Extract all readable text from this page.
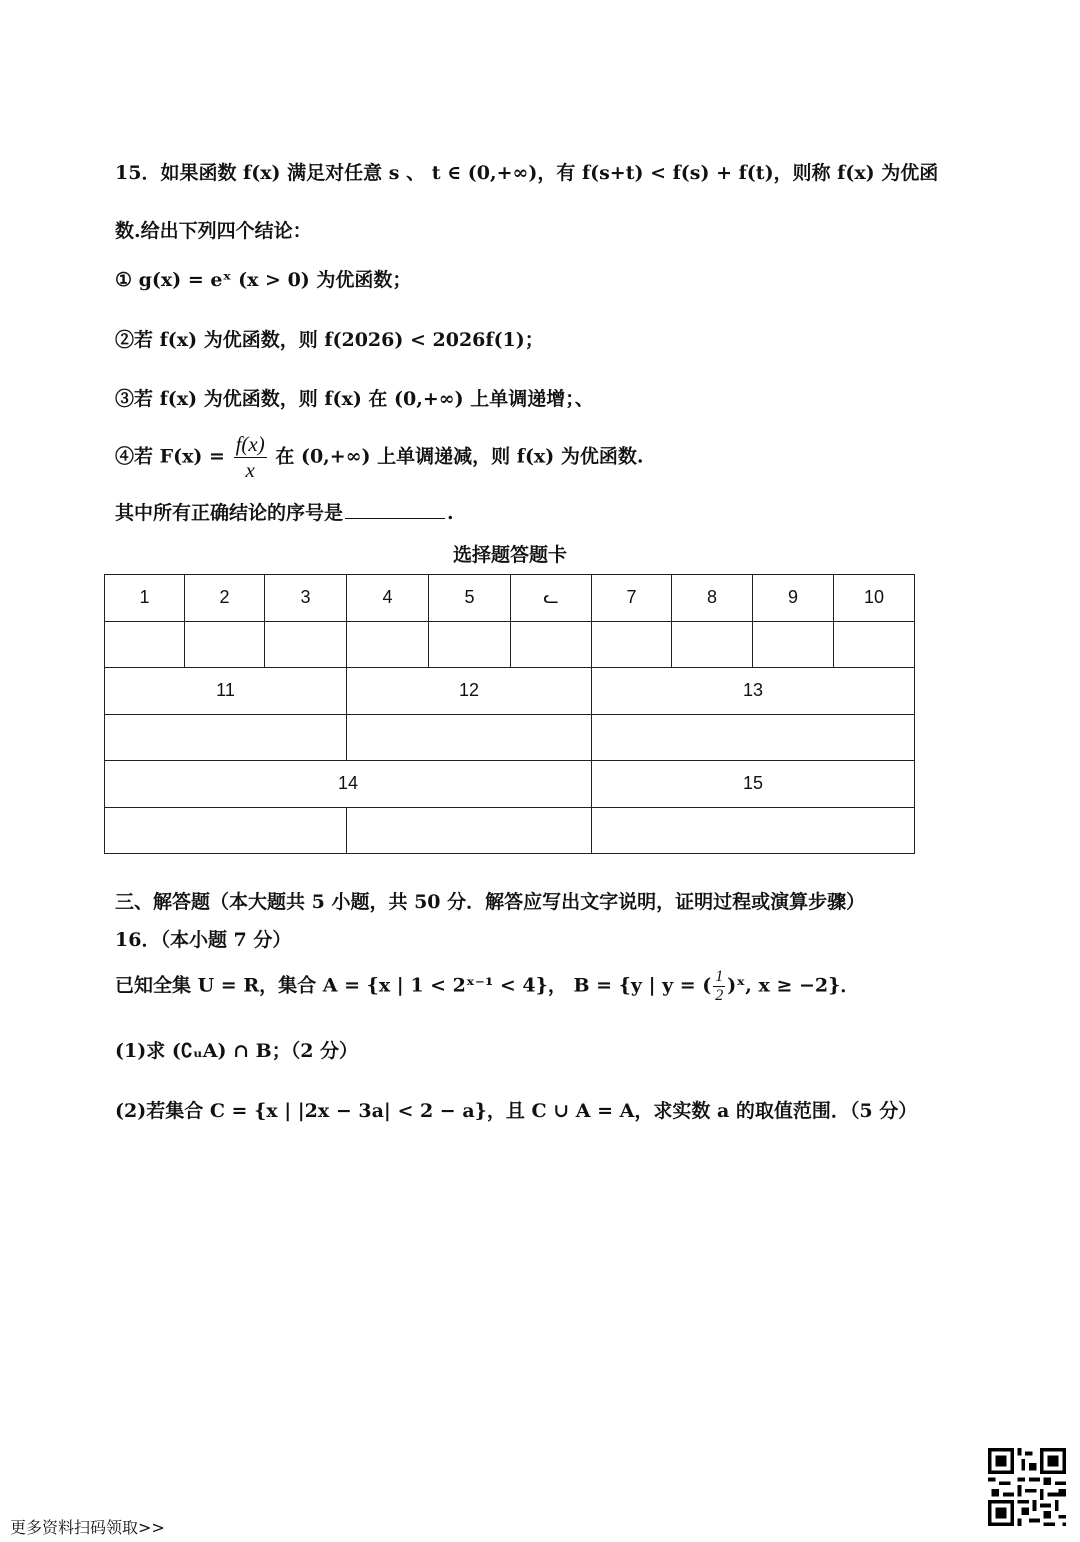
15．如果函数 f(x) 满足对任意 s 、 t ∈ (0,+∞)，有 f(s+t) < f(s) + f(t)，则称 f(x) 为优函
数.给出下列四个结论：
① g(x) = eˣ (x > 0) 为优函数；
②若 f(x) 为优函数，则 f(2026) < 2026f(1)；
③若 f(x) 为优函数，则 f(x) 在 (0,+∞) 上单调递增；、
④若 $F(x) = \frac{f(x)}{x}$ 在 (0,+∞) 上单调递减，则 f(x) 为优函数.
其中所有正确结论的序号是	.
选择题答题卡
1	2	3	4	5	ᓚ	7	8	9	10

11			12			13			

14						15			

三、解答题（本大题共 5 小题，共 50 分．解答应写出文字说明，证明过程或演算步骤）
16．（本小题 7 分）
已知全集 U = R，集合 A = {x | 1 < 2ˣ⁻¹ < 4}， B = {y | y = ( $\frac{1}{2}$ )ˣ, x ≥ −2}．
(1)求 (∁ᵤA) ∩ B；（2 分）
(2)若集合 C = {x | |2x − 3a| < 2 − a}，且 C ∪ A = A，求实数 a 的取值范围．（5 分）
更多资料扫码领取>>
